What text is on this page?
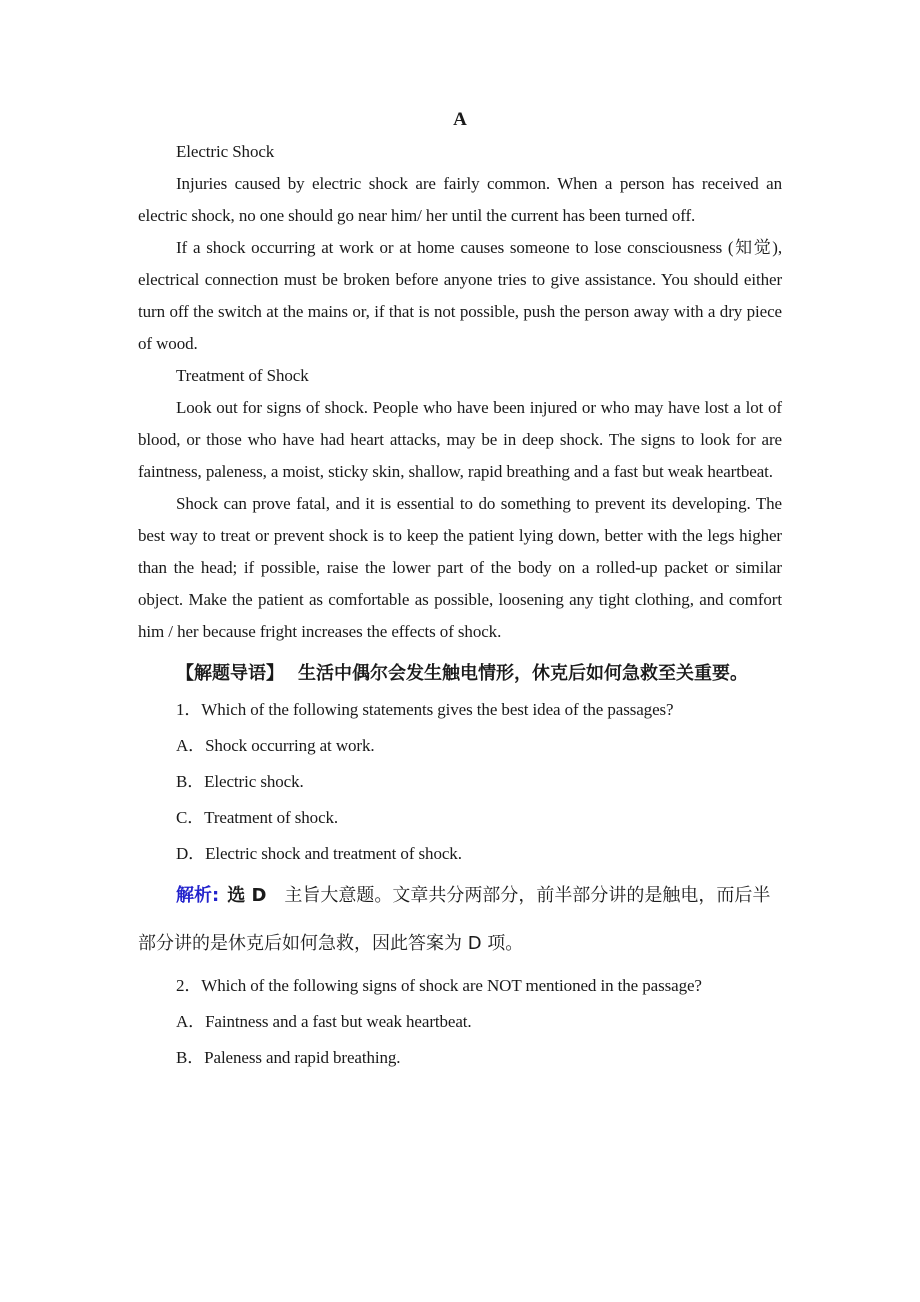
A
Electric Shock

Injuries caused by electric shock are fairly common. When a person has received an electric shock, no one should go near him/ her until the current has been turned off.

If a shock occurring at work or at home causes someone to lose consciousness (知觉), electrical connection must be broken before anyone tries to give assistance. You should either turn off the switch at the mains or, if that is not possible, push the person away with a dry piece of wood.

Treatment of Shock

Look out for signs of shock. People who have been injured or who may have lost a lot of blood, or those who have had heart attacks, may be in deep shock. The signs to look for are faintness, paleness, a moist, sticky skin, shallow, rapid breathing and a fast but weak heartbeat.

Shock can prove fatal, and it is essential to do something to prevent its developing. The best way to treat or prevent shock is to keep the patient lying down, better with the legs higher than the head; if possible, raise the lower part of the body on a rolled-up packet or similar object. Make the patient as comfortable as possible, loosening any tight clothing, and comfort him / her because fright increases the effects of shock.

【解题导语】 生活中偶尔会发生触电情形，休克后如何急救至关重要。

1．Which of the following statements gives the best idea of the passages?

A．Shock occurring at work.

B．Electric shock.

C．Treatment of shock.

D．Electric shock and treatment of shock.

解析: 选 D 主旨大意题。文章共分两部分，前半部分讲的是触电，而后半部分讲的是休克后如何急救，因此答案为 D 项。

2．Which of the following signs of shock are NOT mentioned in the passage?

A．Faintness and a fast but weak heartbeat.

B．Paleness and rapid breathing.
